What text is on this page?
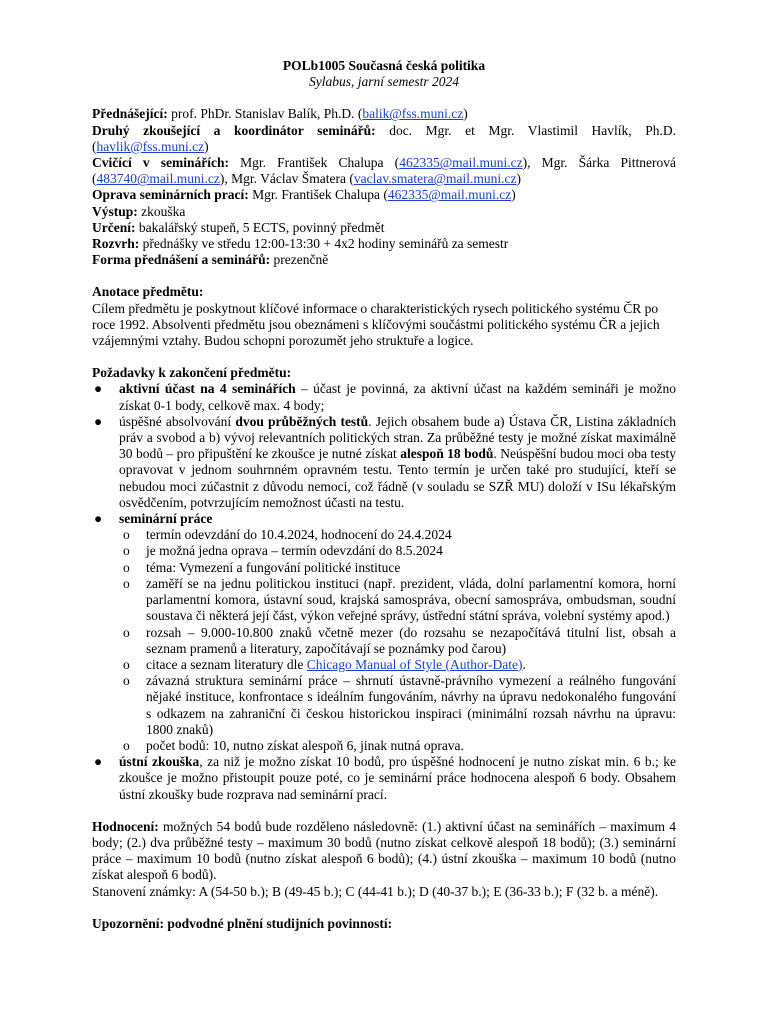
POLb1005 Současná česká politika
Sylabus, jarní semestr 2024
Přednášející: prof. PhDr. Stanislav Balík, Ph.D. (balik@fss.muni.cz)
Druhý zkoušející a koordinátor seminářů: doc. Mgr. et Mgr. Vlastimil Havlík, Ph.D. (havlik@fss.muni.cz)
Cvičící v seminářích: Mgr. František Chalupa (462335@mail.muni.cz), Mgr. Šárka Pittnerová (483740@mail.muni.cz), Mgr. Václav Šmatera (vaclav.smatera@mail.muni.cz)
Oprava seminárních prací: Mgr. František Chalupa (462335@mail.muni.cz)
Výstup: zkouška
Určení: bakalářský stupeň, 5 ECTS, povinný předmět
Rozvrh: přednášky ve středu 12:00-13:30 + 4x2 hodiny seminářů za semestr
Forma přednášení a seminářů: prezenčně
Anotace předmětu:
Cílem předmětu je poskytnout klíčové informace o charakteristických rysech politického systému ČR po roce 1992. Absolventi předmětu jsou obeznámeni s klíčovými součástmi politického systému ČR a jejich vzájemnými vztahy. Budou schopni porozumět jeho struktuře a logice.
Požadavky k zakončení předmětu:
● aktivní účast na 4 seminářích – účast je povinná, za aktivní účast na každém semináři je možno získat 0-1 body, celkově max. 4 body;
● úspěšné absolvování dvou průběžných testů. Jejich obsahem bude a) Ústava ČR, Listina základních práv a svobod a b) vývoj relevantních politických stran. Za průběžné testy je možné získat maximálně 30 bodů – pro připuštění ke zkoušce je nutné získat alespoň 18 bodů. Neúspěšní budou moci oba testy opravovat v jednom souhrnném opravném testu. Tento termín je určen také pro studující, kteří se nebudou moci zúčastnit z důvodu nemoci, což řádně (v souladu se SZŘ MU) doloží v ISu lékařským osvědčením, potvrzujícím nemožnost účasti na testu.
● seminární práce
o termín odevzdání do 10.4.2024, hodnocení do 24.4.2024
o je možná jedna oprava – termín odevzdání do 8.5.2024
o téma: Vymezení a fungování politické instituce
o zaměří se na jednu politickou instituci (např. prezident, vláda, dolní parlamentní komora, horní parlamentní komora, ústavní soud, krajská samospráva, obecní samospráva, ombudsman, soudní soustava či některá její část, výkon veřejné správy, ústřední státní správa, volební systémy apod.)
o rozsah – 9.000-10.800 znaků včetně mezer (do rozsahu se nezapočítává titulní list, obsah a seznam pramenů a literatury, započítávají se poznámky pod čarou)
o citace a seznam literatury dle Chicago Manual of Style (Author-Date).
o závazná struktura seminární práce – shrnutí ústavně-právního vymezení a reálného fungování nějaké instituce, konfrontace s ideálním fungováním, návrhy na úpravu nedokonalého fungování s odkazem na zahraniční či českou historickou inspiraci (minimální rozsah návrhu na úpravu: 1800 znaků)
o počet bodů: 10, nutno získat alespoň 6, jinak nutná oprava.
● ústní zkouška, za niž je možno získat 10 bodů, pro úspěšné hodnocení je nutno získat min. 6 b.; ke zkoušce je možno přistoupit pouze poté, co je seminární práce hodnocena alespoň 6 body. Obsahem ústní zkoušky bude rozprava nad seminární prací.
Hodnocení: možných 54 bodů bude rozděleno následovně: (1.) aktivní účast na seminářích – maximum 4 body; (2.) dva průběžné testy – maximum 30 bodů (nutno získat celkově alespoň 18 bodů); (3.) seminární práce – maximum 10 bodů (nutno získat alespoň 6 bodů); (4.) ústní zkouška – maximum 10 bodů (nutno získat alespoň 6 bodů).
Stanovení známky: A (54-50 b.); B (49-45 b.); C (44-41 b.); D (40-37 b.); E (36-33 b.); F (32 b. a méně).
Upozornění: podvodné plnění studijních povinností:
